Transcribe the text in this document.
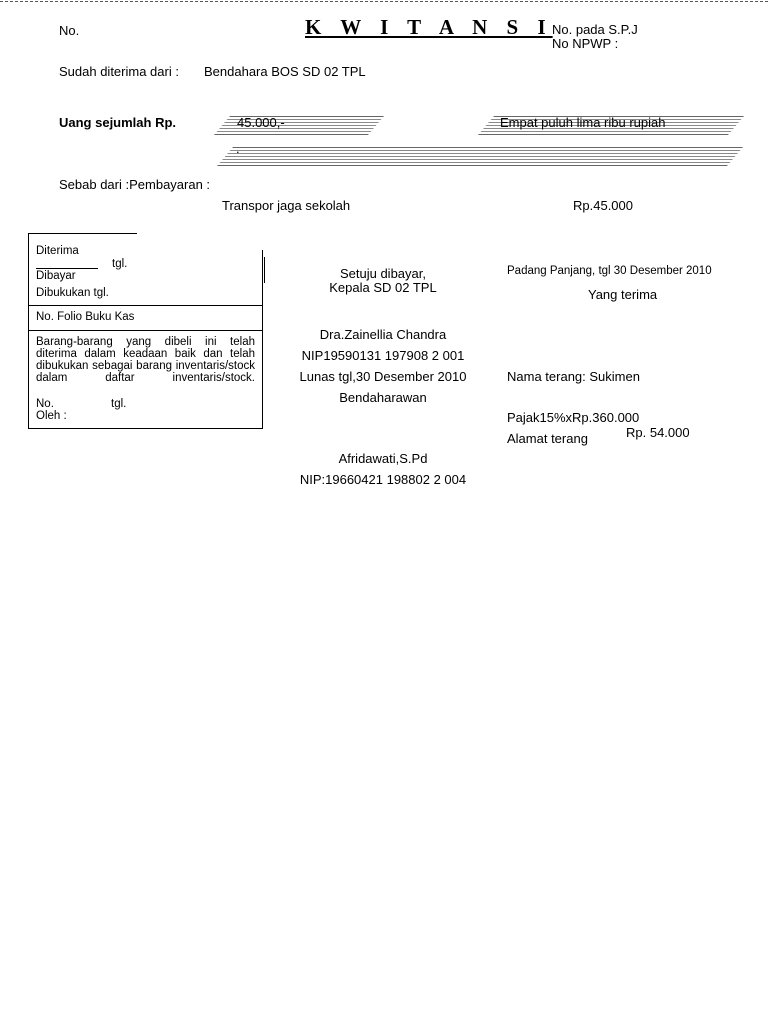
No.	K W I T A N S I No. pada S.P.J
No NPWP :
Sudah diterima dari : Bendahara BOS SD 02 TPL
Uang sejumlah Rp.	45.000,-	Empat puluh lima ribu rupiah
.
Sebab dari :Pembayaran :
Transpor jaga sekolah	Rp.45.000
Diterima
tgl.
Dibayar
Dibukukan tgl.
No. Folio Buku Kas
Barang-barang yang dibeli ini telah diterima dalam keadaan baik dan telah dibukukan sebagai barang inventaris/stock dalam daftar inventaris/stock.
No.	tgl.
Oleh :
Setuju dibayar,
Kepala SD 02 TPL
Dra.Zainellia Chandra
NIP19590131 197908 2 001
Lunas tgl,30 Desember 2010
Bendaharawan
Afridawati,S.Pd
NIP:19660421 198802 2 004
Padang Panjang, tgl 30 Desember 2010
Yang terima
Nama terang: Sukimen
Pajak15%xRp.360.000
Rp. 54.000
Alamat terang
